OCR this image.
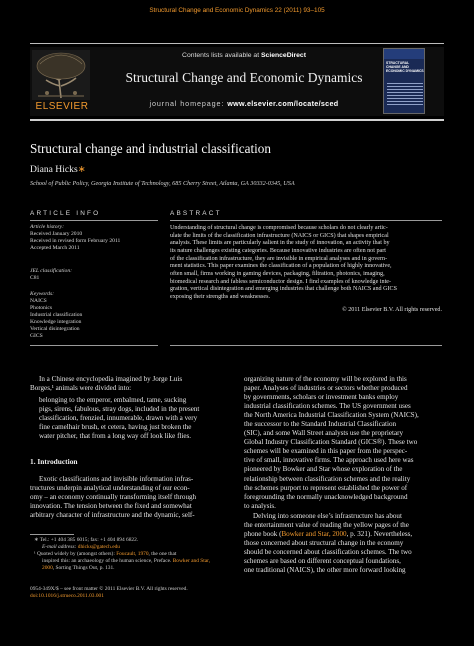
Structural Change and Economic Dynamics 22 (2011) 93–105
ELSEVIER
Contents lists available at ScienceDirect
Structural Change and Economic Dynamics
journal homepage: www.elsevier.com/locate/sced
STRUCTURAL CHANGE AND ECONOMIC DYNAMICS
Structural change and industrial classification
Diana Hicks∗
School of Public Policy, Georgia Institute of Technology, 685 Cherry Street, Atlanta, GA 30332-0345, USA
ARTICLE INFO	ABSTRACT
Article history:
Received January 2010
Received in revised form February 2011
Accepted March 2011
JEL classification:
C81
Keywords:
NAICS
Photonics
Industrial classification
Knowledge integration
Vertical disintegration
GICS
Understanding of structural change is compromised because scholars do not clearly artic-
ulate the limits of the classification infrastructure (NAICS or GICS) that shapes empirical
analysis. These limits are particularly salient in the study of innovation, an activity that by
its nature challenges existing categories. Because innovative industries are often not part
of the classification infrastructure, they are invisible in empirical analyses and in govern-
ment statistics. This paper examines the classification of a population of highly innovative,
often small, firms working in gaming devices, packaging, filtration, photonics, imaging,
biomedical research and fabless semiconductor design. I find examples of knowledge inte-
gration, vertical disintegration and emerging industries that challenge both NAICS and GICS
exposing their strengths and weaknesses.
© 2011 Elsevier B.V. All rights reserved.
In a Chinese encyclopedia imagined by Jorge Luis
Borges,¹ animals were divided into:
belonging to the emperor, embalmed, tame, sucking
pigs, sirens, fabulous, stray dogs, included in the present
classification, frenzied, innumerable, drawn with a very
fine camelhair brush, et cetera, having just broken the
water pitcher, that from a long way off look like flies.
1. Introduction
Exotic classifications and invisible information infras-
tructures underpin analytical understanding of our econ-
omy – an economy continually transforming itself through
innovation. The tension between the fixed and somewhat
arbitrary character of infrastructure and the dynamic, self-
∗ Tel.: +1 404 385 6015; fax: +1 404 894 6822.
E-mail address: dhicks@gatech.edu
¹ Quoted widely by (amongst others): Foucault, 1970, the one that
inspired this: an archaeology of the human science, Preface. Bowker and Star,
2000, Sorting Things Out, p. 131.
0954-349X/$ – see front matter © 2011 Elsevier B.V. All rights reserved.
doi:10.1016/j.strueco.2011.03.001
organizing nature of the economy will be explored in this
paper. Analyses of industries or sectors whether produced
by governments, scholars or investment banks employ
industrial classification schemes. The US government uses
the North America Industrial Classification System (NAICS),
the successor to the Standard Industrial Classification
(SIC), and some Wall Street analysts use the proprietary
Global Industry Classification Standard (GICS®). These two
schemes will be examined in this paper from the perspec-
tive of small, innovative firms. The approach used here was
pioneered by Bowker and Star whose exploration of the
relationship between classification schemes and the reality
the schemes purport to represent established the power of
foregrounding the normally unacknowledged background
to analysis.
Delving into someone else’s infrastructure has about
the entertainment value of reading the yellow pages of the
phone book (Bowker and Star, 2000, p. 321). Nevertheless,
those concerned about structural change in the economy
should be concerned about classification schemes. The two
schemes are based on different conceptual foundations,
one traditional (NAICS), the other more forward looking
